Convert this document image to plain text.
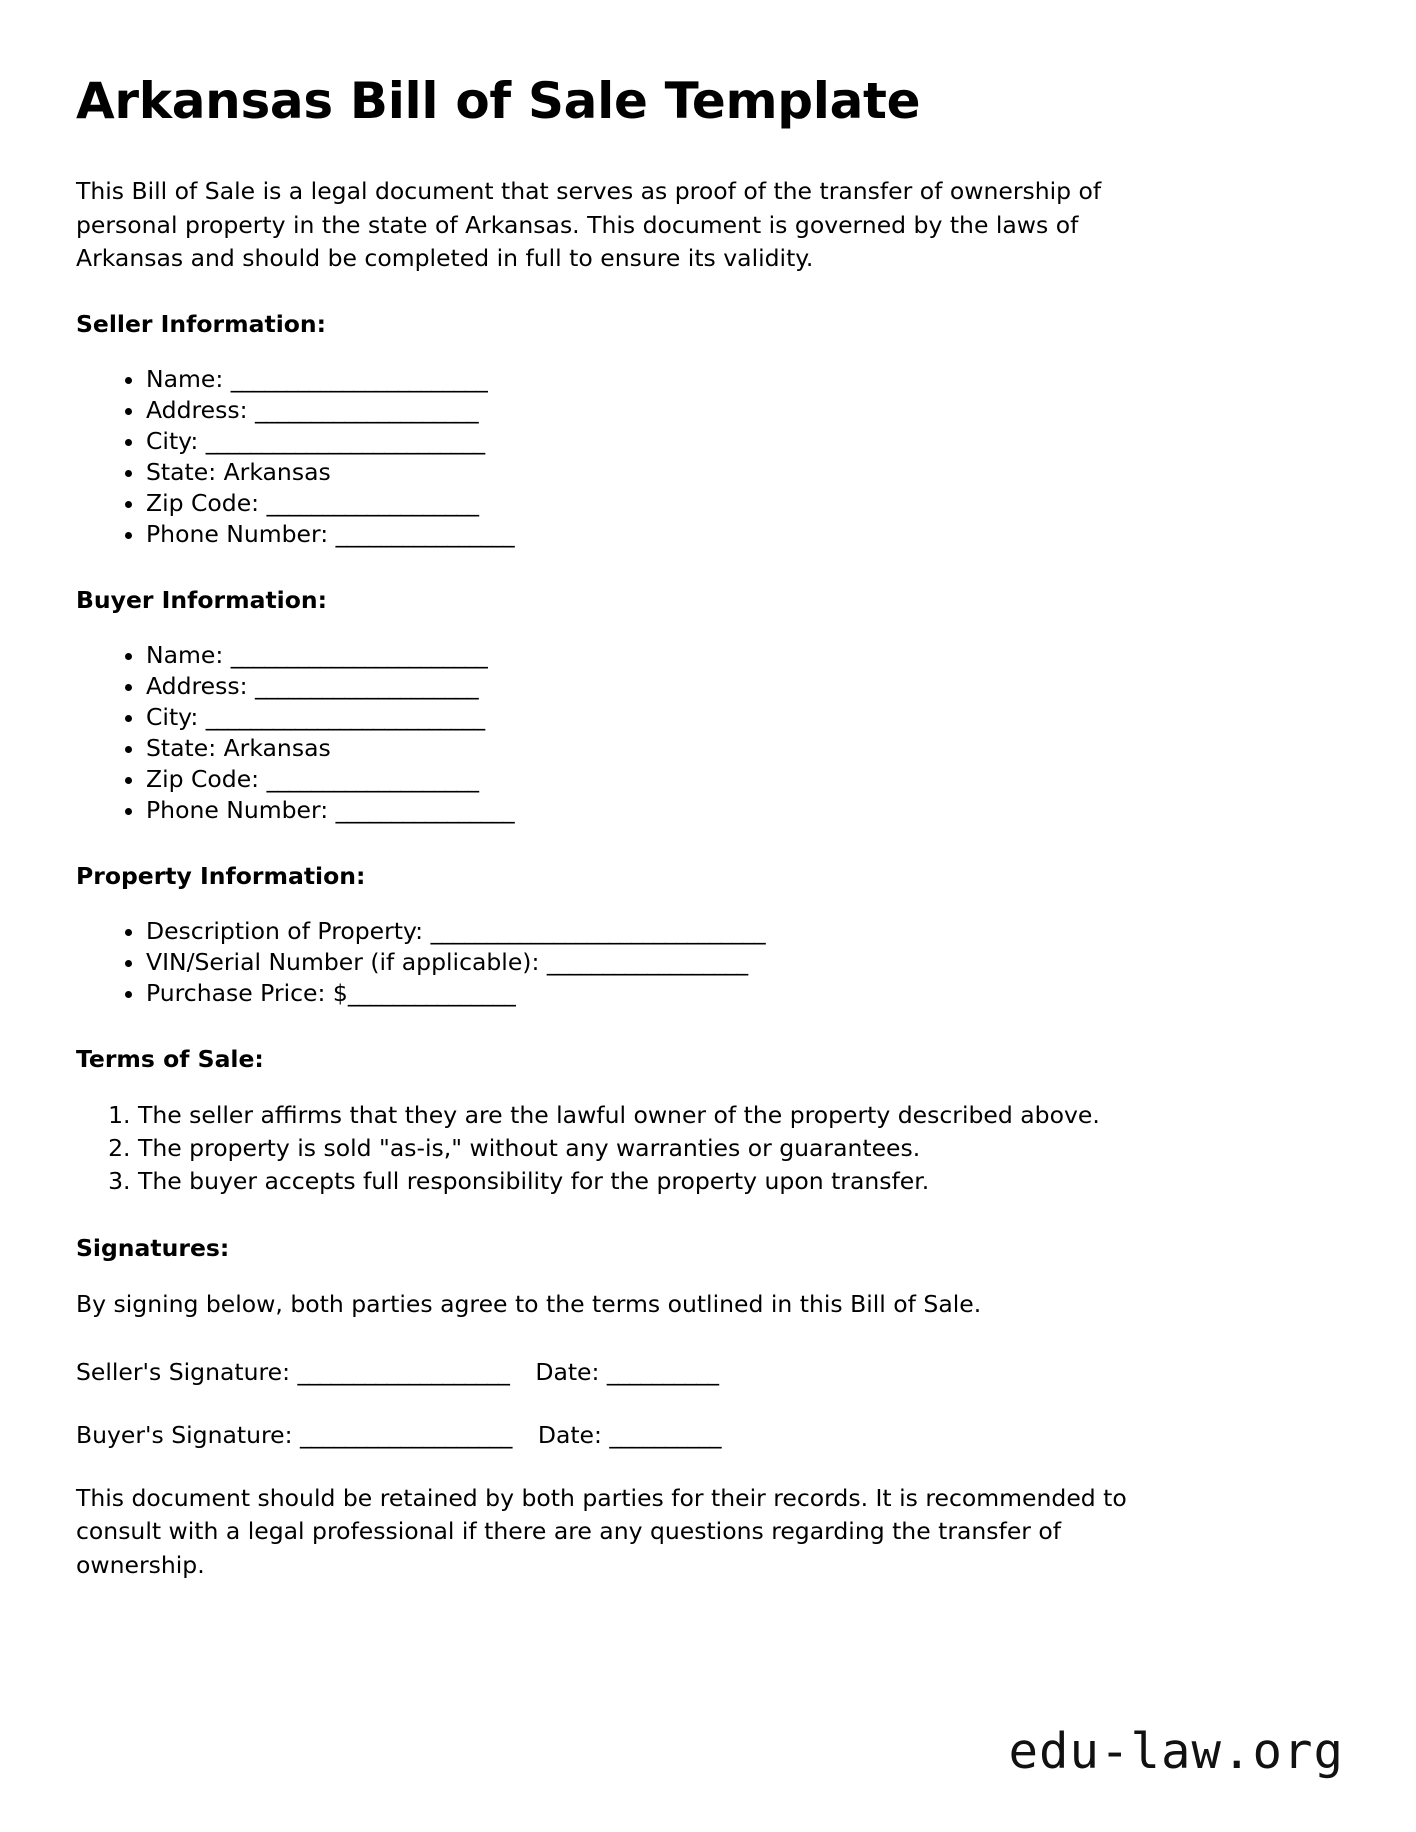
Arkansas Bill of Sale Template

This Bill of Sale is a legal document that serves as proof of the transfer of ownership of personal property in the state of Arkansas. This document is governed by the laws of Arkansas and should be completed in full to ensure its validity.

Seller Information:
• Name: _______________________
• Address: ____________________
• City: _________________________
• State: Arkansas
• Zip Code: ___________________
• Phone Number: ________________
Buyer Information:
• Name: _______________________
• Address: ____________________
• City: _________________________
• State: Arkansas
• Zip Code: ___________________
• Phone Number: ________________
Property Information:
• Description of Property: ______________________________
• VIN/Serial Number (if applicable): __________________
• Purchase Price: $_______________
Terms of Sale:
1. The seller affirms that they are the lawful owner of the property described above.
2. The property is sold "as-is," without any warranties or guarantees.
3. The buyer accepts full responsibility for the property upon transfer.
Signatures:

By signing below, both parties agree to the terms outlined in this Bill of Sale.

Seller's Signature: ___________________ Date: __________
Buyer's Signature: ___________________ Date: __________

This document should be retained by both parties for their records. It is recommended to consult with a legal professional if there are any questions regarding the transfer of ownership.

edu-law.org
